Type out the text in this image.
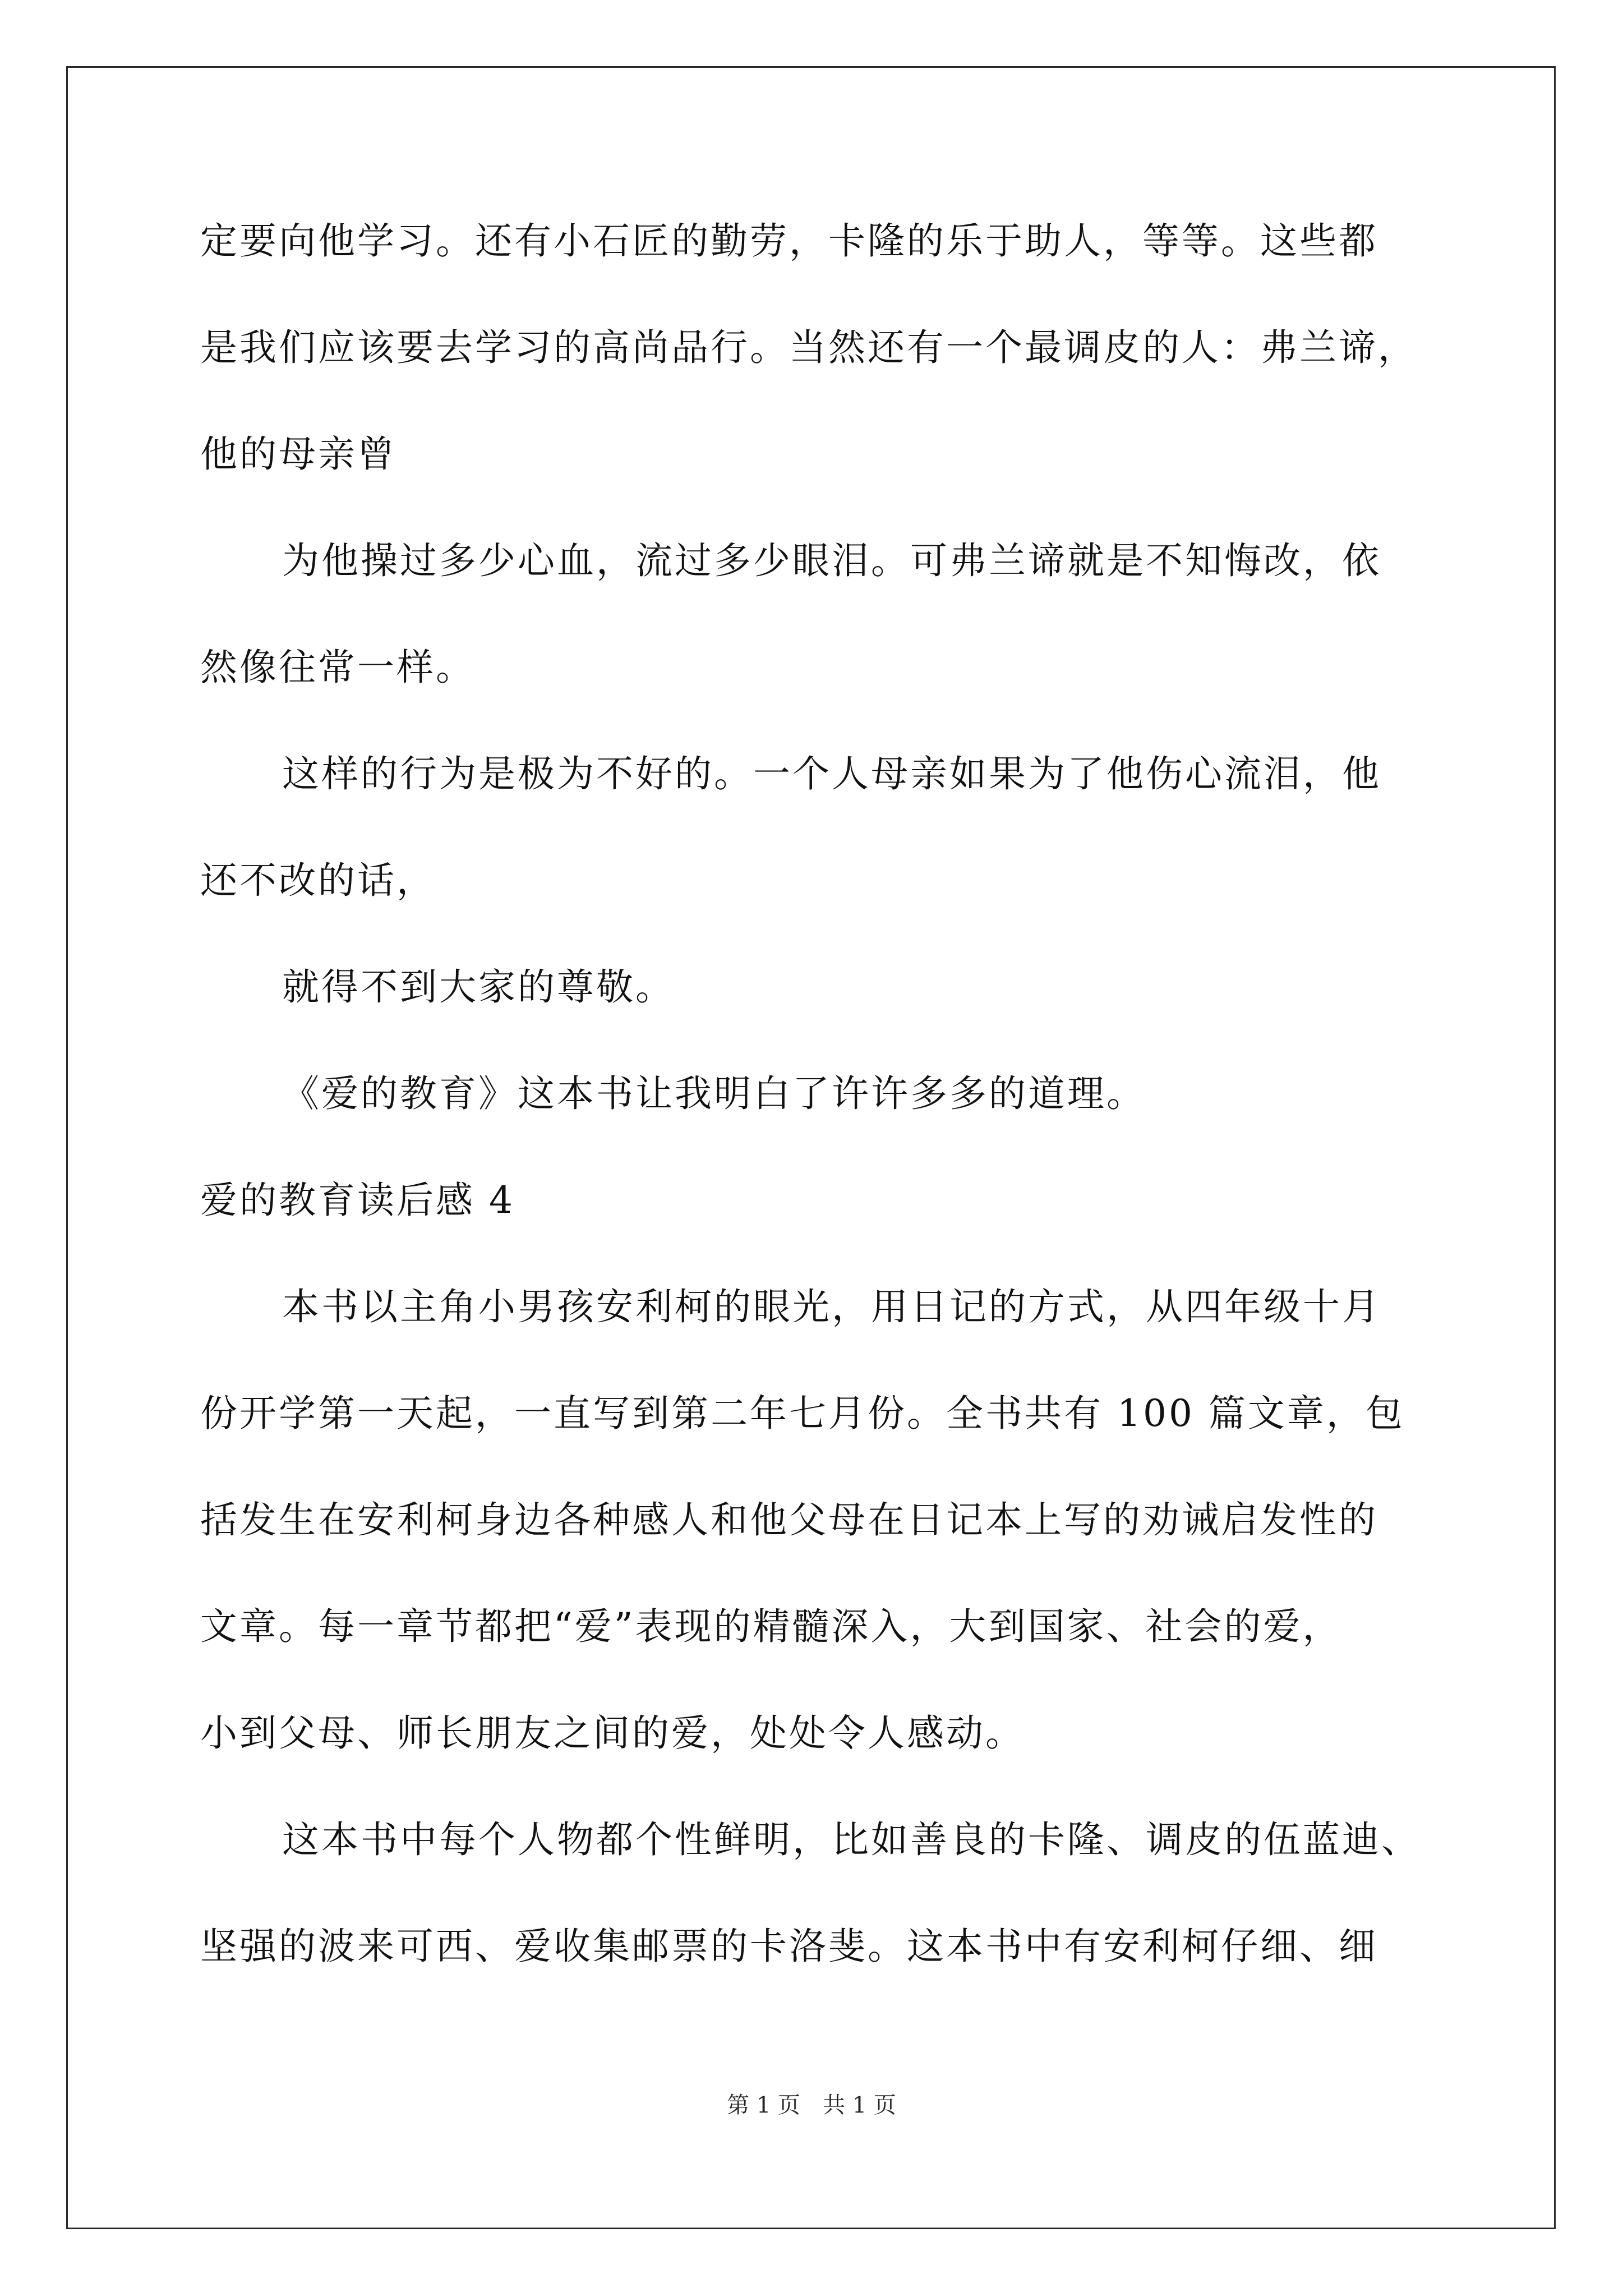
定要向他学习。还有小石匠的勤劳，卡隆的乐于助人，等等。这些都
是我们应该要去学习的高尚品行。当然还有一个最调皮的人：弗兰谛，
他的母亲曾
为他操过多少心血，流过多少眼泪。可弗兰谛就是不知悔改，依
然像往常一样。
这样的行为是极为不好的。一个人母亲如果为了他伤心流泪，他
还不改的话，
就得不到大家的尊敬。
《爱的教育》这本书让我明白了许许多多的道理。
爱的教育读后感 4
本书以主角小男孩安利柯的眼光，用日记的方式，从四年级十月
份开学第一天起，一直写到第二年七月份。全书共有 100 篇文章，包
括发生在安利柯身边各种感人和他父母在日记本上写的劝诫启发性的
文章。每一章节都把“爱”表现的精髓深入，大到国家、社会的爱，
小到父母、师长朋友之间的爱，处处令人感动。
这本书中每个人物都个性鲜明，比如善良的卡隆、调皮的伍蓝迪、
坚强的波来可西、爱收集邮票的卡洛斐。这本书中有安利柯仔细、细
第 1 页 共 1 页
